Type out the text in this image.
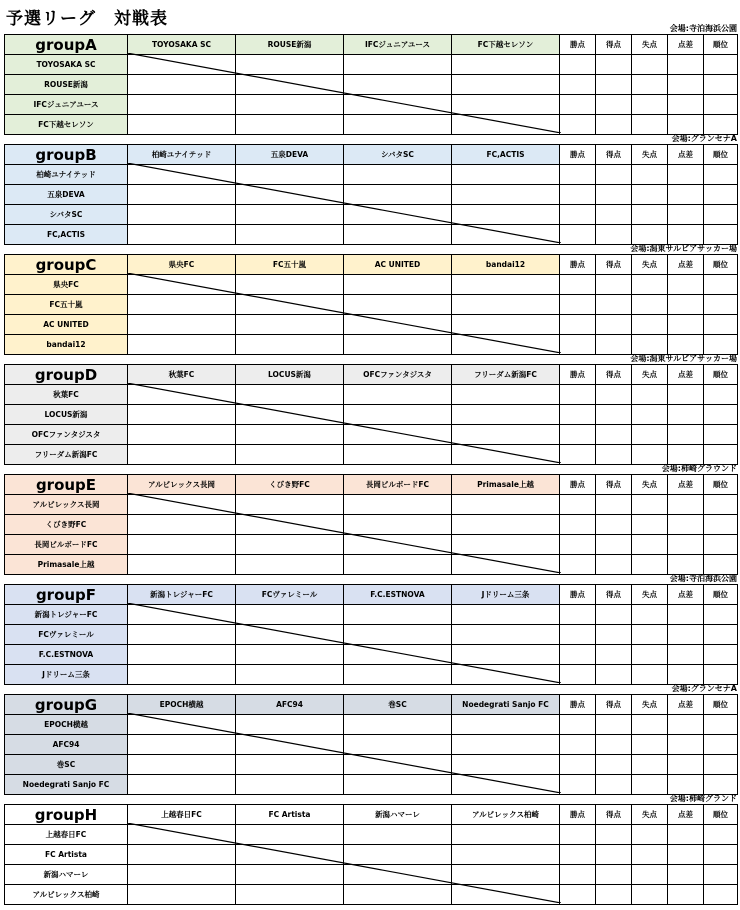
予選リーグ　対戦表	会場:寺泊海浜公園
groupA	TOYOSAKA SC	ROUSE新潟	IFCジュニアユース	FC下越セレソン	勝点	得点	失点	点差	順位
TOYOSAKA SC									
ROUSE新潟									
IFCジュニアユース									
FC下越セレソン									
会場:グランセナA
groupB	柏崎ユナイテッド	五泉DEVA	シバタSC	FC,ACTIS	勝点	得点	失点	点差	順位
柏崎ユナイテッド									
五泉DEVA									
シバタSC									
FC,ACTIS									
会場:潟東サルビアサッカー場
groupC	県央FC	FC五十嵐	AC UNITED	bandai12	勝点	得点	失点	点差	順位
県央FC									
FC五十嵐									
AC UNITED									
bandai12									
会場:潟東サルビアサッカー場
groupD	秋葉FC	LOCUS新潟	OFCファンタジスタ	フリーダム新潟FC	勝点	得点	失点	点差	順位
秋葉FC									
LOCUS新潟									
OFCファンタジスタ									
フリーダム新潟FC									
会場:柿崎グラウンド
groupE	アルビレックス長岡	くびき野FC	長岡ビルボードFC	Primasale上越	勝点	得点	失点	点差	順位
アルビレックス長岡									
くびき野FC									
長岡ビルボードFC									
Primasale上越									
会場:寺泊海浜公園
groupF	新潟トレジャーFC	FCヴァレミール	F.C.ESTNOVA	Jドリーム三条	勝点	得点	失点	点差	順位
新潟トレジャーFC									
FCヴァレミール									
F.C.ESTNOVA									
Jドリーム三条									
会場:グランセナA
groupG	EPOCH横越	AFC94	巻SC	Noedegrati Sanjo FC	勝点	得点	失点	点差	順位
EPOCH横越									
AFC94									
巻SC									
Noedegrati Sanjo FC									
会場:柿崎グランド
groupH	上越春日FC	FC Artista	新潟ハマーレ	アルビレックス柏崎	勝点	得点	失点	点差	順位
上越春日FC									
FC Artista									
新潟ハマーレ									
アルビレックス柏崎									
